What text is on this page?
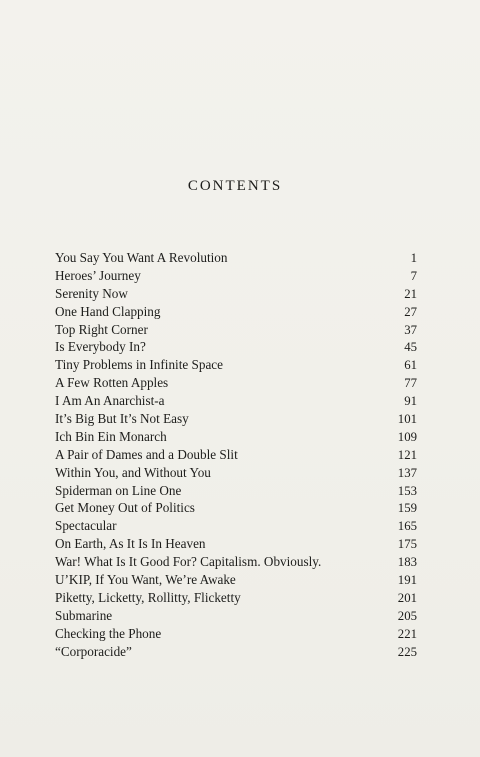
CONTENTS
You Say You Want A Revolution	1
Heroes’ Journey	7
Serenity Now	21
One Hand Clapping	27
Top Right Corner	37
Is Everybody In?	45
Tiny Problems in Infinite Space	61
A Few Rotten Apples	77
I Am An Anarchist-a	91
It’s Big But It’s Not Easy	101
Ich Bin Ein Monarch	109
A Pair of Dames and a Double Slit	121
Within You, and Without You	137
Spiderman on Line One	153
Get Money Out of Politics	159
Spectacular	165
On Earth, As It Is In Heaven	175
War! What Is It Good For? Capitalism. Obviously.	183
U’KIP, If You Want, We’re Awake	191
Piketty, Licketty, Rollitty, Flicketty	201
Submarine	205
Checking the Phone	221
“Corporacide”	225
